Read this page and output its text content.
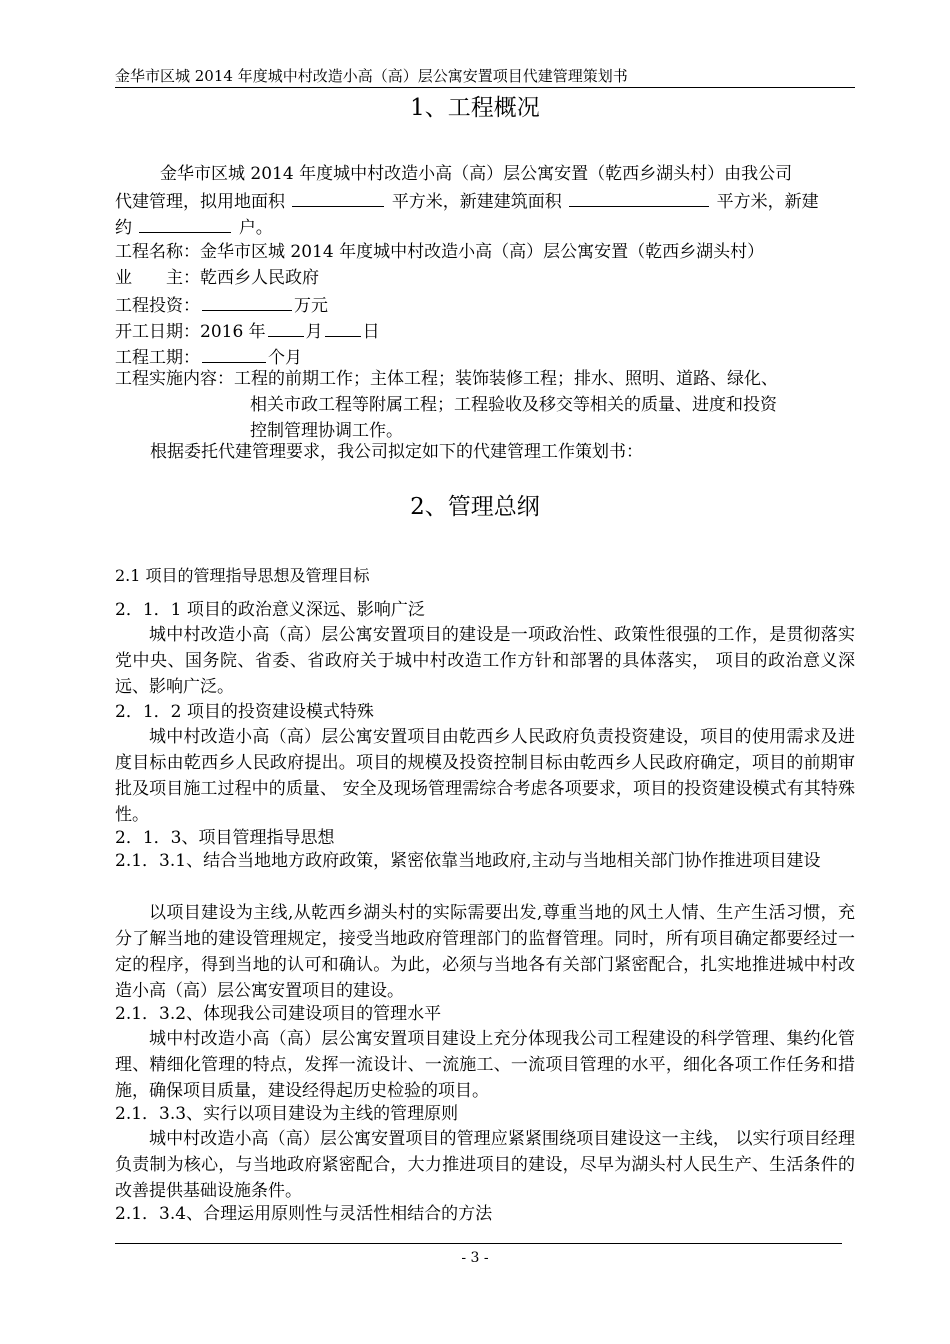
金华市区城 2014 年度城中村改造小高（高）层公寓安置项目代建管理策划书
1、工程概况
金华市区城 2014 年度城中村改造小高（高）层公寓安置（乾西乡湖头村）由我公司
代建管理，拟用地面积	平方米，新建建筑面积	平方米，新建
约	户。
工程名称：金华市区城 2014 年度城中村改造小高（高）层公寓安置（乾西乡湖头村）
业　　主：乾西乡人民政府
工程投资：	万元
开工日期：2016 年 月 日
工程工期：	个月
工程实施内容：工程的前期工作；主体工程；装饰装修工程；排水、照明、道路、绿化、
相关市政工程等附属工程；工程验收及移交等相关的质量、进度和投资
控制管理协调工作。
根据委托代建管理要求，我公司拟定如下的代建管理工作策划书：
2、管理总纲
2.1 项目的管理指导思想及管理目标
2．1．1 项目的政治意义深远、影响广泛
城中村改造小高（高）层公寓安置项目的建设是一项政治性、政策性很强的工作，是贯彻落实党中央、国务院、省委、省政府关于城中村改造工作方针和部署的具体落实， 项目的政治意义深远、影响广泛。
2．1．2 项目的投资建设模式特殊
城中村改造小高（高）层公寓安置项目由乾西乡人民政府负责投资建设，项目的使用需求及进度目标由乾西乡人民政府提出。项目的规模及投资控制目标由乾西乡人民政府确定，项目的前期审批及项目施工过程中的质量、 安全及现场管理需综合考虑各项要求，项目的投资建设模式有其特殊性。
2．1．3、项目管理指导思想
2.1．3.1、结合当地地方政府政策，紧密依靠当地政府,主动与当地相关部门协作推进项目建设
以项目建设为主线,从乾西乡湖头村的实际需要出发,尊重当地的风土人情、生产生活习惯，充分了解当地的建设管理规定，接受当地政府管理部门的监督管理。同时，所有项目确定都要经过一定的程序，得到当地的认可和确认。为此，必须与当地各有关部门紧密配合，扎实地推进城中村改造小高（高）层公寓安置项目的建设。
2.1．3.2、体现我公司建设项目的管理水平
城中村改造小高（高）层公寓安置项目建设上充分体现我公司工程建设的科学管理、集约化管理、精细化管理的特点，发挥一流设计、一流施工、一流项目管理的水平，细化各项工作任务和措施，确保项目质量，建设经得起历史检验的项目。
2.1．3.3、实行以项目建设为主线的管理原则
城中村改造小高（高）层公寓安置项目的管理应紧紧围绕项目建设这一主线， 以实行项目经理负责制为核心，与当地政府紧密配合，大力推进项目的建设，尽早为湖头村人民生产、生活条件的改善提供基础设施条件。
2.1．3.4、合理运用原则性与灵活性相结合的方法
- 3 -
